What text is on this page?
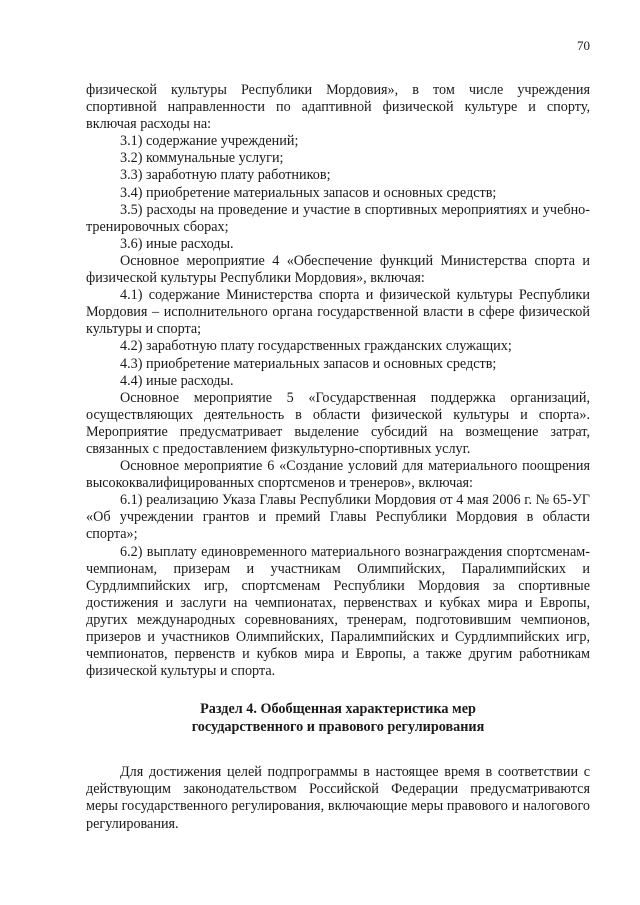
70

физической культуры Республики Мордовия», в том числе учреждения спортивной направленности по адаптивной физической культуре и спорту, включая расходы на:

3.1) содержание учреждений;

3.2) коммунальные услуги;

3.3) заработную плату работников;

3.4) приобретение материальных запасов и основных средств;

3.5) расходы на проведение и участие в спортивных мероприятиях и учебно-тренировочных сборах;

3.6) иные расходы.

Основное мероприятие 4 «Обеспечение функций Министерства спорта и физической культуры Республики Мордовия», включая:

4.1) содержание Министерства спорта и физической культуры Республики Мордовия – исполнительного органа государственной власти в сфере физической культуры и спорта;

4.2) заработную плату государственных гражданских служащих;

4.3) приобретение материальных запасов и основных средств;

4.4) иные расходы.

Основное мероприятие 5 «Государственная поддержка организаций, осуществляющих деятельность в области физической культуры и спорта». Мероприятие предусматривает выделение субсидий на возмещение затрат, связанных с предоставлением физкультурно-спортивных услуг.

Основное мероприятие 6 «Создание условий для материального поощрения высококвалифицированных спортсменов и тренеров», включая:

6.1) реализацию Указа Главы Республики Мордовия от 4 мая 2006 г. № 65-УГ «Об учреждении грантов и премий Главы Республики Мордовия в области спорта»;

6.2) выплату единовременного материального вознаграждения спортсменам-чемпионам, призерам и участникам Олимпийских, Паралимпийских и Сурдлимпийских игр, спортсменам Республики Мордовия за спортивные достижения и заслуги на чемпионатах, первенствах и кубках мира и Европы, других международных соревнованиях, тренерам, подготовившим чемпионов, призеров и участников Олимпийских, Паралимпийских и Сурдлимпийских игр, чемпионатов, первенств и кубков мира и Европы, а также другим работникам физической культуры и спорта.

Раздел 4. Обобщенная характеристика мер
государственного и правового регулирования

Для достижения целей подпрограммы в настоящее время в соответствии с действующим законодательством Российской Федерации предусматриваются меры государственного регулирования, включающие меры правового и налогового регулирования.
